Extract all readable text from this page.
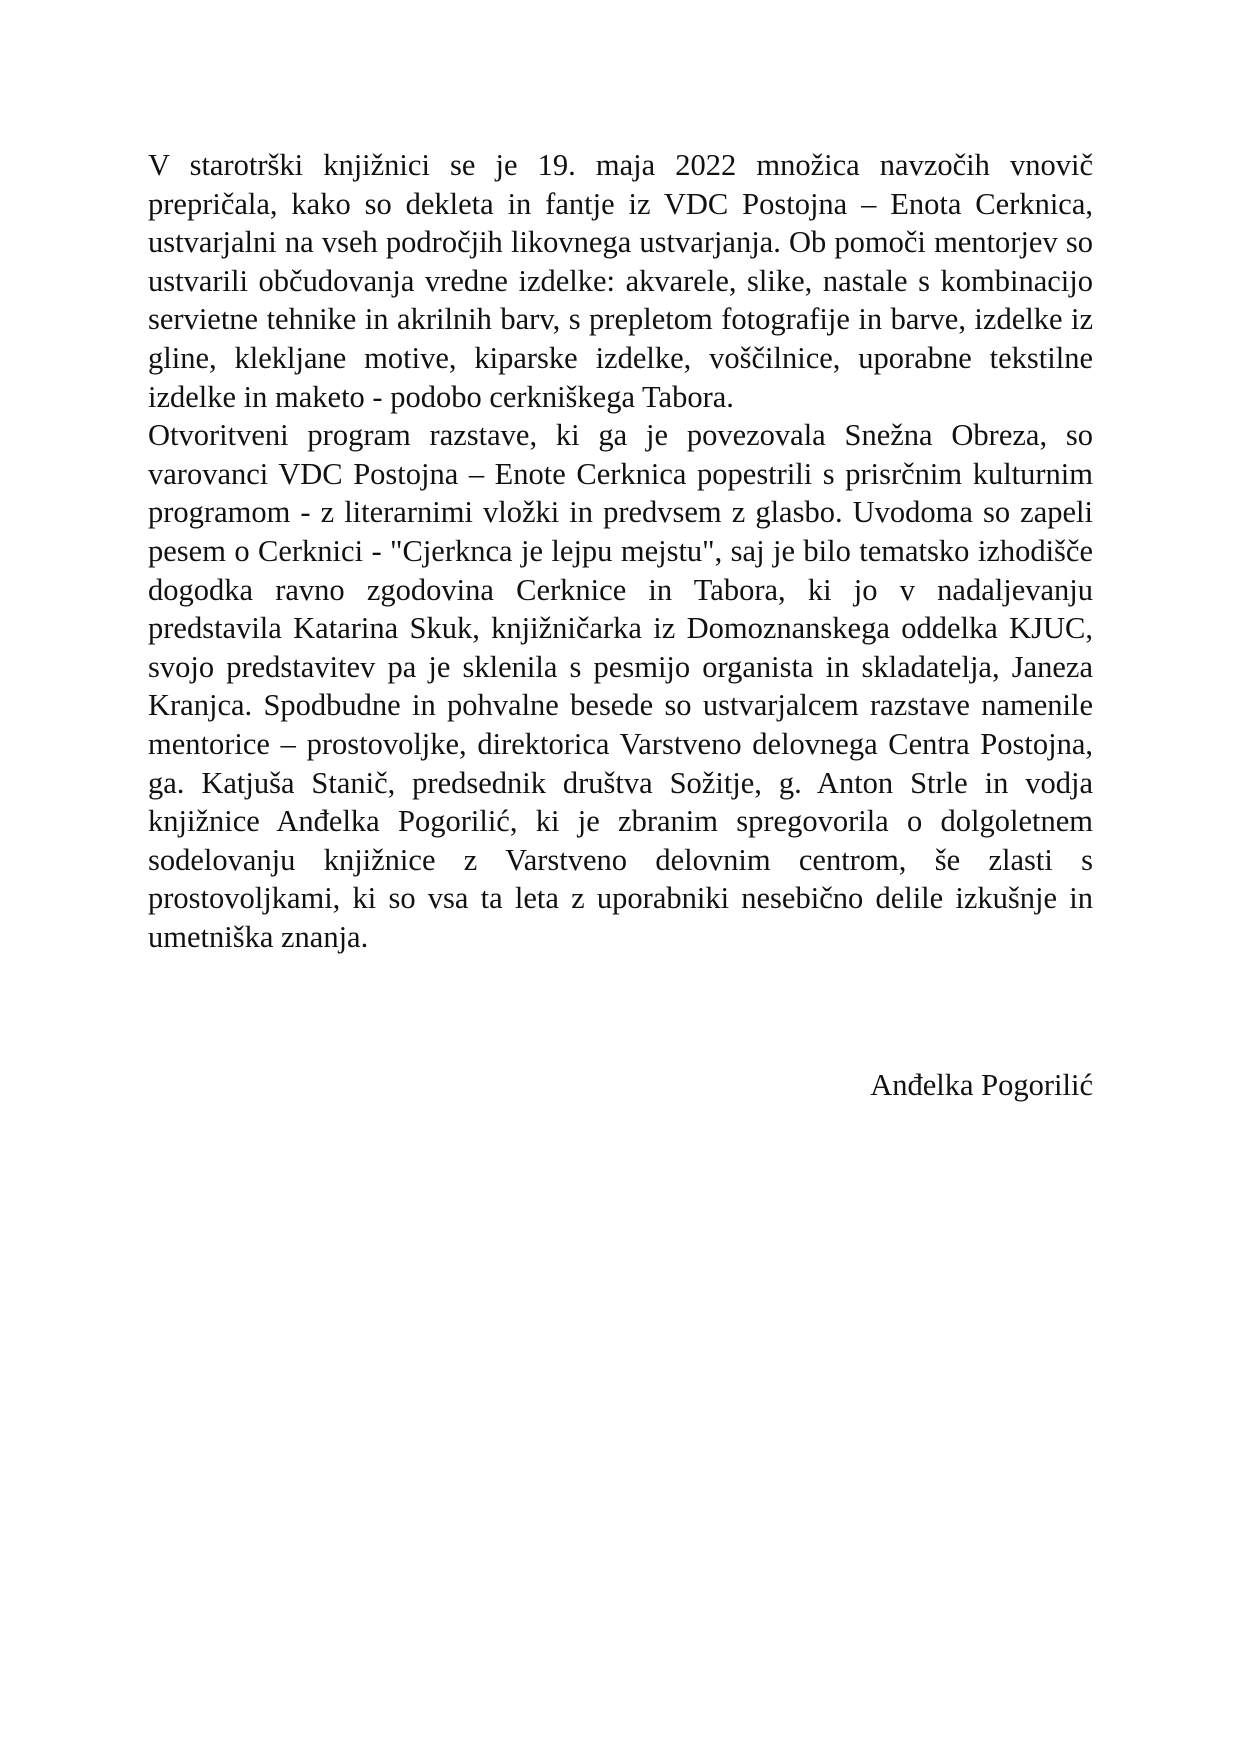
V starotrški knjižnici se je 19. maja 2022 množica navzočih vnovič prepričala, kako so dekleta in fantje iz VDC Postojna – Enota Cerknica, ustvarjalni na vseh področjih likovnega ustvarjanja. Ob pomoči mentorjev so ustvarili občudovanja vredne izdelke: akvarele, slike, nastale s kombinacijo servietne tehnike in akrilnih barv, s prepletom fotografije in barve, izdelke iz gline, klekljane motive, kiparske izdelke, voščilnice, uporabne tekstilne izdelke in maketo - podobo cerkniškega Tabora.

Otvoritveni program razstave, ki ga je povezovala Snežna Obreza, so varovanci VDC Postojna – Enote Cerknica popestrili s prisrčnim kulturnim programom - z literarnimi vložki in predvsem z glasbo. Uvodoma so zapeli pesem o Cerknici - "Cjerknca je lejpu mejstu", saj je bilo tematsko izhodišče dogodka ravno zgodovina Cerknice in Tabora, ki jo v nadaljevanju predstavila Katarina Skuk, knjižničarka iz Domoznanskega oddelka KJUC, svojo predstavitev pa je sklenila s pesmijo organista in skladatelja, Janeza Kranjca. Spodbudne in pohvalne besede so ustvarjalcem razstave namenile mentorice – prostovoljke, direktorica Varstveno delovnega Centra Postojna, ga. Katjuša Stanič, predsednik društva Sožitje, g. Anton Strle in vodja knjižnice Anđelka Pogorilić, ki je zbranim spregovorila o dolgoletnem sodelovanju knjižnice z Varstveno delovnim centrom, še zlasti s prostovoljkami, ki so vsa ta leta z uporabniki nesebično delile izkušnje in umetniška znanja.

Anđelka Pogorilić
